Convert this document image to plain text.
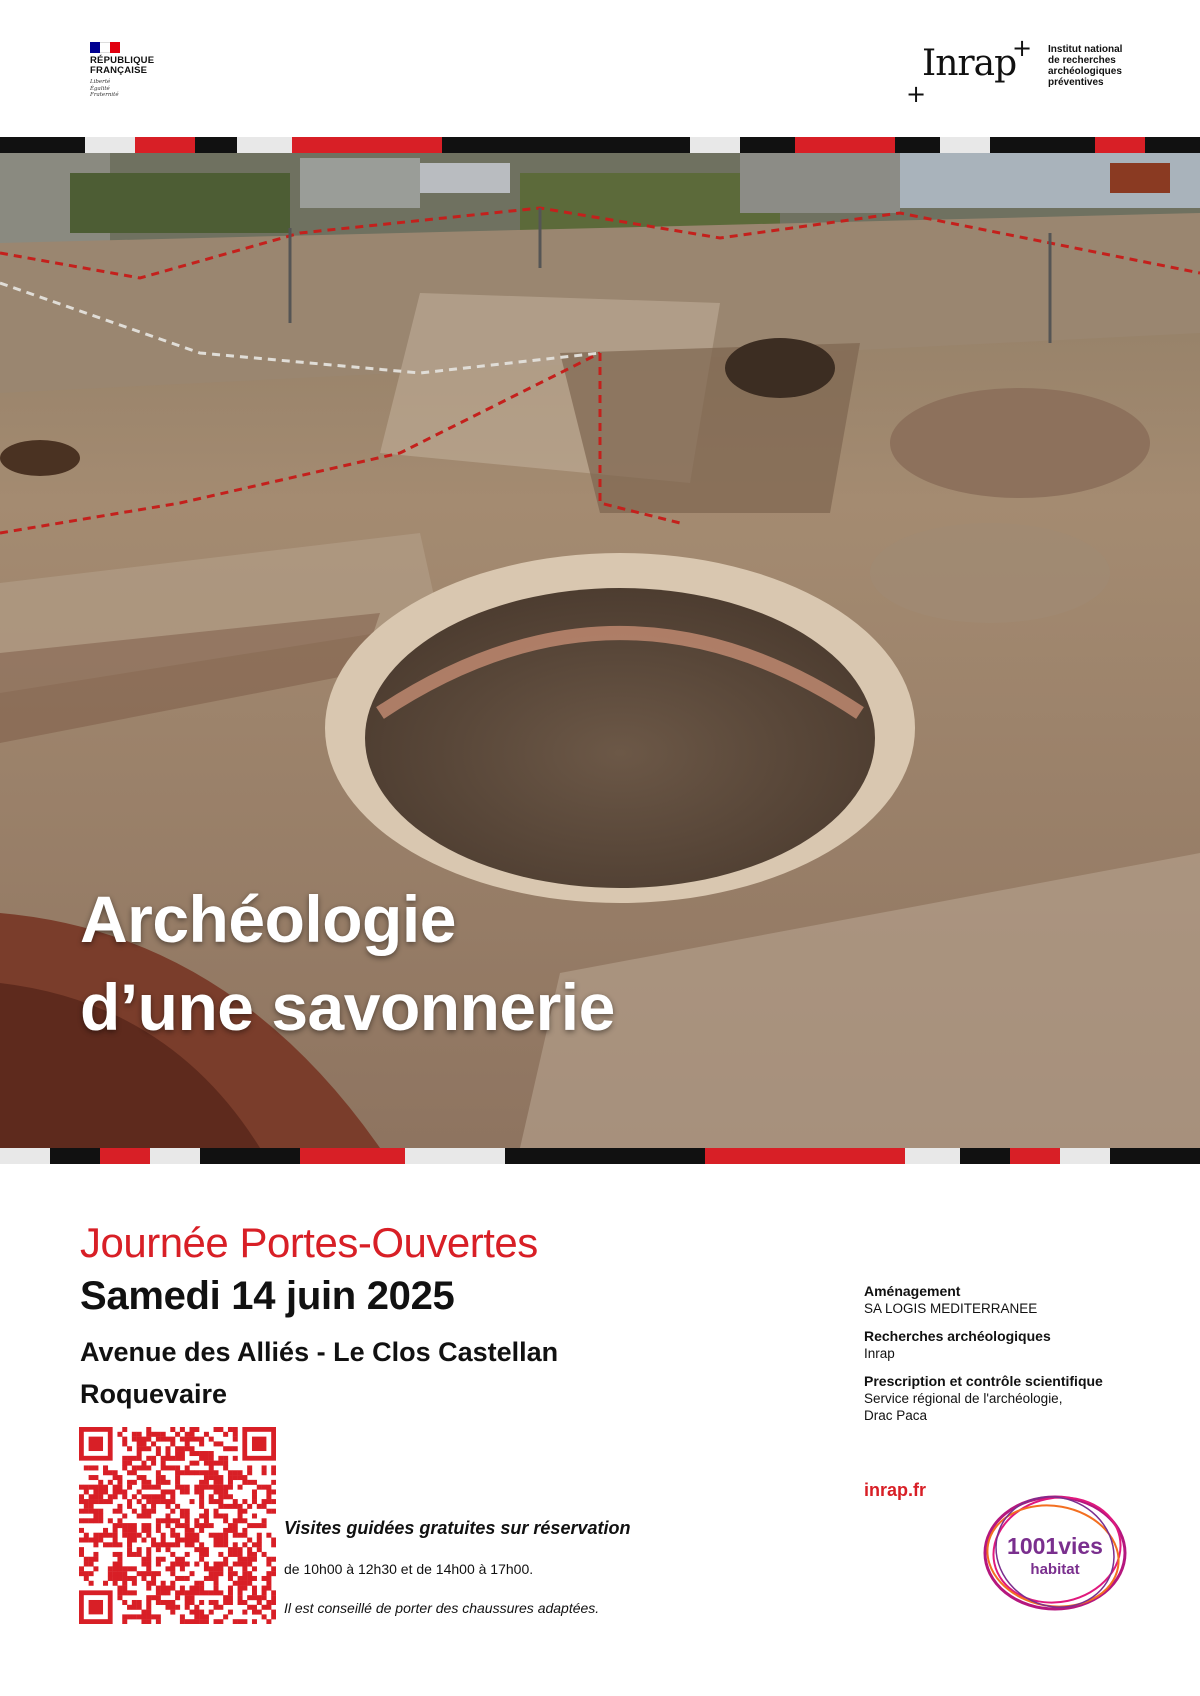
RÉPUBLIQUE
FRANÇAISE
Liberté
Égalité
Fraternité	+
+
Inrap	Institut national
de recherches
archéologiques
préventives
Archéologie
d’une savonnerie
Journée Portes-Ouvertes
Samedi 14 juin 2025
Avenue des Alliés - Le Clos Castellan
Roquevaire
Visites guidées gratuites sur réservation
de 10h00 à 12h30 et de 14h00 à 17h00.
Il est conseillé de porter des chaussures adaptées.
Aménagement
SA LOGIS MEDITERRANEE
Recherches archéologiques
Inrap
Prescription et contrôle scientifique
Service régional de l'archéologie,
Drac Paca
inrap.fr
1001vies
habitat
